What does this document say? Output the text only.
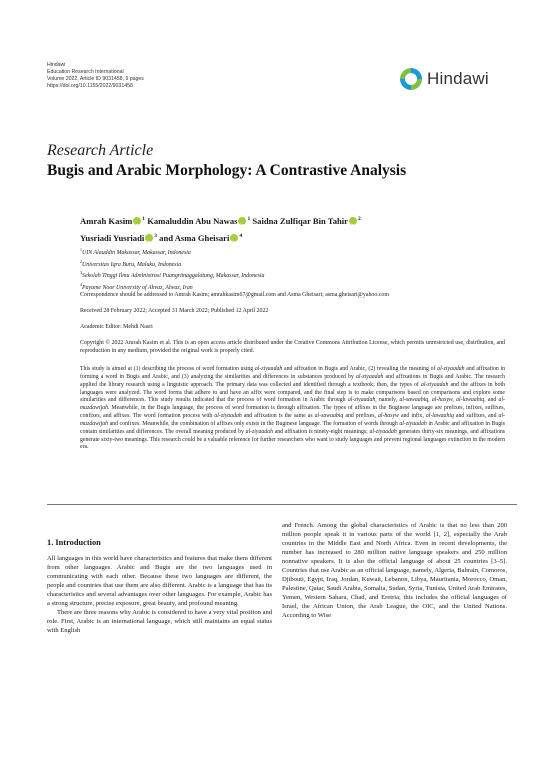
Hindawi
Education Research International
Volume 2022, Article ID 9031458, 9 pages
https://doi.org/10.1155/2022/9031458	Hindawi
Research Article
Bugis and Arabic Morphology: A Contrastive Analysis
Amrah Kasim iD $^1$ Kamaluddin Abu Nawas iD $^1$ Saidna Zulfiqar Bin Tahir iD $^2$
Yusriadi Yusriadi iD $^3$ and Asma Gheisari iD $^4$
$^1$UIN Alauddin Makassar, Makassar, Indonesia
$^2$Universitas Iqra Buru, Maluku, Indonesia
$^3$Sekolah Tinggi Ilmu Administrasi Puangrimaggalatung, Makassar, Indonesia
$^4$Payame Noor University of Ahvaz, Ahvaz, Iran
Correspondence should be addressed to Amrah Kasim; amrahkasim67@gmail.com and Asma Gheisari; asma.gheisari@yahoo.com
Received 28 February 2022; Accepted 31 March 2022; Published 12 April 2022
Academic Editor: Mehdi Nasri
Copyright © 2022 Amrah Kasim et al. This is an open access article distributed under the Creative Commons Attribution License, which permits unrestricted use, distribution, and reproduction in any medium, provided the original work is properly cited.
This study is aimed at (1) describing the process of word formation using al-ziyaadah and affixation in Bugis and Arabic, (2) revealing the meaning of al-ziyaadah and affixation in forming a word in Bugis and Arabic, and (3) analyzing the similarities and differences in substances produced by al-ziyaadah and affixations in Bugis and Arabic. The research applied the library research using a linguistic approach. The primary data was collected and identified through a textbook; then, the types of al-ziyaadah and the affixes in both languages were analyzed. The word forms that adhere to and have an affix were compared, and the final step is to make comparisons based on comparisons and explore some similarities and differences. This study results indicated that the process of word formation in Arabic through al-ziyaadah, namely, al-sawaabiq, al-hasyw, al-lawaahiq, and al-muzdawijah. Meanwhile, in the Bugis language, the process of word formation is through affixation. The types of affixes in the Buginese language are prefixes, infixes, suffixes, confixes, and affixes. The word formation process with al-ziyaadah and affixation is the same as al-sawaabiq and prefixes, al-hasyw and infix, al-lawaahiq and suffixes, and al-muzdawijah and confixes. Meanwhile, the combination of affixes only exists in the Buginese language. The formation of words through al-ziyaadah in Arabic and affixation in Bugis contain similarities and differences. The overall meaning produced by al-ziyaadah and affixation is ninety-eight meanings; al-ziyaadah generates thirty-six meanings, and affixations generate sixty-two meanings. This research could be a valuable reference for further researchers who want to study languages and prevent regional languages extinction in the modern era.
1. Introduction

All languages in this world have characteristics and features that make them different from other languages. Arabic and Bugis are the two languages used in communicating with each other. Because these two languages are different, the people and countries that use them are also different. Arabic is a language that has its characteristics and several advantages over other languages. For example, Arabic has a strong structure, precise exposure, great beauty, and profound meaning.

There are three reasons why Arabic is considered to have a very vital position and role. First, Arabic is an international language, which still maintains an equal status with English

and French. Among the global characteristics of Arabic is that no less than 200 million people speak it in various parts of the world [1, 2], especially the Arab countries in the Middle East and North Africa. Even in recent developments, the number has increased to 280 million native language speakers and 250 million nonnative speakers. It is also the official language of about 25 countries [3–5]. Countries that use Arabic as an official language, namely, Algeria, Bahrain, Comoros, Djibouti, Egypt, Iraq, Jordan, Kuwait, Lebanon, Libya, Mauritania, Morocco, Oman, Palestine, Qatar, Saudi Arabia, Somalia, Sudan, Syria, Tunisia, United Arab Emirates, Yemen, Western Sahara, Chad, and Eretria; this includes the official languages of Israel, the African Union, the Arab League, the OIC, and the United Nations. According to Wise
